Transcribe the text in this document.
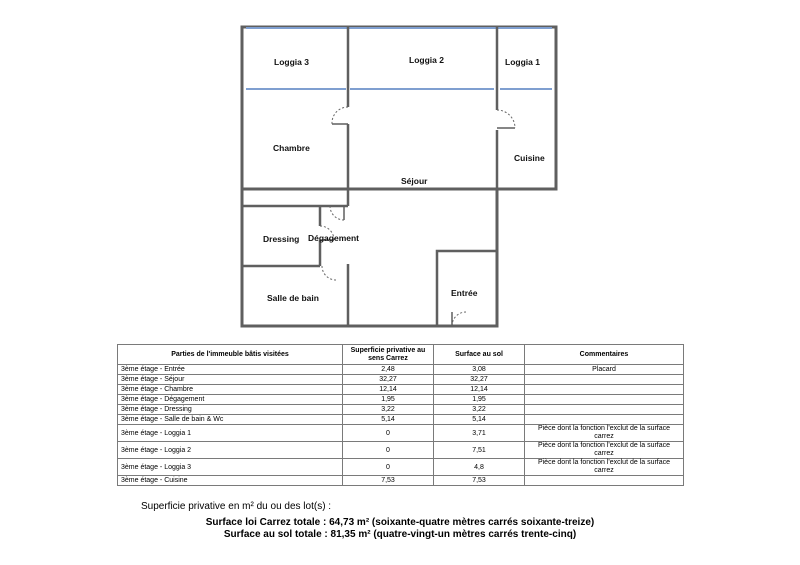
Loggia 3	Loggia 2	Loggia 1
Chambre
Séjour
Cuisine
Dressing Dégagement
Salle de bain	Entrée
Parties de l'immeuble bâtis visitées	Superficie privative au sens Carrez	Surface au sol	Commentaires
3ème étage - Entrée	2,48	3,08	Placard
3ème étage - Séjour	32,27	32,27	
3ème étage - Chambre	12,14	12,14	
3ème étage - Dégagement	1,95	1,95	
3ème étage - Dressing	3,22	3,22	
3ème étage - Salle de bain & Wc	5,14	5,14	
3ème étage - Loggia 1	0	3,71	Pièce dont la fonction l'exclut de la surface carrez
3ème étage - Loggia 2	0	7,51	Pièce dont la fonction l'exclut de la surface carrez
3ème étage - Loggia 3	0	4,8	Pièce dont la fonction l'exclut de la surface carrez
3ème étage - Cuisine	7,53	7,53	
Superficie privative en m² du ou des lot(s) :
Surface loi Carrez totale : 64,73 m² (soixante-quatre mètres carrés soixante-treize)
Surface au sol totale : 81,35 m² (quatre-vingt-un mètres carrés trente-cinq)
